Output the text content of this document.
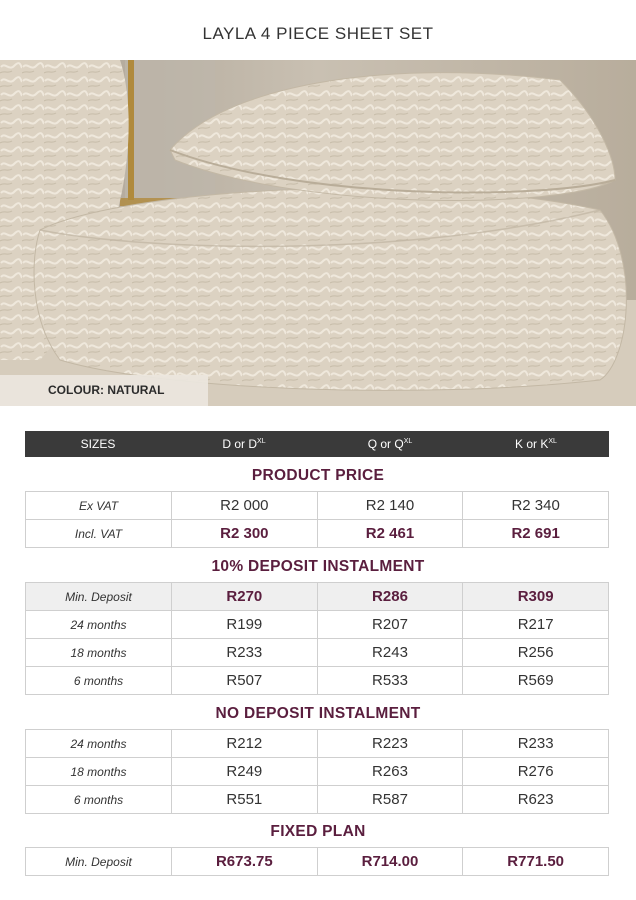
LAYLA 4 PIECE SHEET SET
COLOUR: NATURAL
SIZES	D or $D^{XL}$	Q or $Q^{XL}$	K or $K^{XL}$
PRODUCT PRICE
Ex VAT	R2 000	R2 140	R2 340
Incl. VAT	R2 300	R2 461	R2 691
10% DEPOSIT INSTALMENT
Min. Deposit	R270	R286	R309
24 months	R199	R207	R217
18 months	R233	R243	R256
6 months	R507	R533	R569
NO DEPOSIT INSTALMENT
24 months	R212	R223	R233
18 months	R249	R263	R276
6 months	R551	R587	R623
FIXED PLAN
Min. Deposit	R673.75	R714.00	R771.50
